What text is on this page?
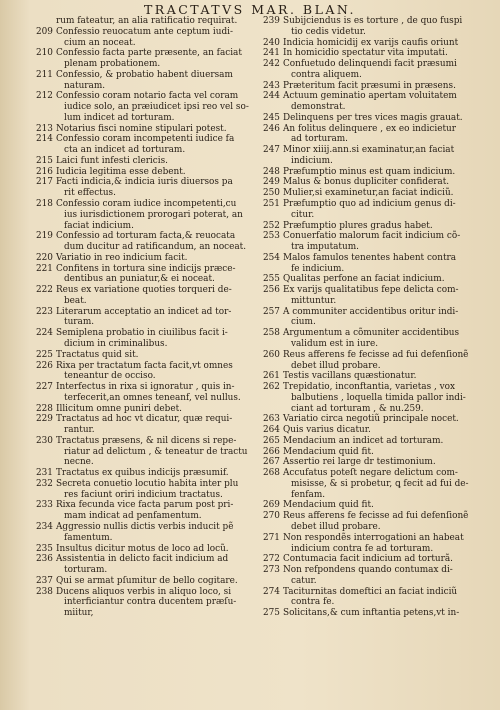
TRACTATVS MAR. BLAN.
rum fateatur, an alia ratificatio requirat.
209 Confessio reuocatum ante ceptum iudi-
cium an noceat.
210 Confessio facta parte præsente, an faciat
plenam probationem.
211 Confessio, & probatio habent diuersam
naturam.
212 Confessio coram notario facta vel coram
iudice solo, an præiudicet ipsi reo vel so-
lum indicet ad torturam.
213 Notarius fisci nomine stipulari potest.
214 Confessio coram incompetenti iudice fa
cta an indicet ad torturam.
215 Laici funt infesti clericis.
216 Iudicia legitima esse debent.
217 Facti indicia,& indicia iuris diuersos pa
rit effectus.
218 Confessio coram iudice incompetenti,cu
ius iurisdictionem prorogari poterat, an
faciat indicium.
219 Confessio ad torturam facta,& reuocata
dum ducitur ad ratificandum, an noceat.
220 Variatio in reo indicium facit.
221 Confitens in tortura sine indicijs præce-
dentibus an puniatur,& ei noceat.
222 Reus ex variatione quoties torqueri de-
beat.
223 Literarum acceptatio an indicet ad tor-
turam.
224 Semiplena probatio in ciuilibus facit i-
dicium in criminalibus.
225 Tractatus quid sit.
226 Rixa per tractatum facta facit,vt omnes
teneantur de occiso.
227 Interfectus in rixa si ignoratur , quis in-
terfecerit,an omnes teneanf, vel nullus.
228 Illicitum omne puniri debet.
229 Tractatus ad hoc vt dicatur, quæ requi-
rantur.
230 Tractatus præsens, & nil dicens si repe-
riatur ad delictum , & teneatur de tractu
necne.
231 Tractatus ex quibus indicijs præsumif.
232 Secreta conuetio locutio habita inter plu
res faciunt oriri indicium tractatus.
233 Rixa fecunda vice facta parum post pri-
mam indicat ad penfamentum.
234 Aggressio nullis dictis verbis inducit pẽ
famentum.
235 Insultus dicitur motus de loco ad locũ.
236 Assistentia in delicto facit indicium ad
torturam.
237 Qui se armat pſumitur de bello cogitare.
238 Ducens aliquos verbis in aliquo loco, si
interficiantur contra ducentem præſu-
miitur,
239 Subijciendus is es torture , de quo fuspi
tio cedis videtur.
240 Indicia homicidij ex varijs caufis oriunt
241 In homicidio spectatur vita imputati.
242 Confuetudo delinquendi facit præsumi
contra aliquem.
243 Præteritum facit præsumi in præsens.
244 Actuum geminatio apertam voluitatem
demonstrat.
245 Delinquens per tres vices magis grauat.
246 An folitus delinquere , ex eo indicietur
ad torturam.
247 Minor xiiij.ann.si examinatur,an faciat
indicium.
248 Præfumptio minus est quam indicium.
249 Malus & bonus dupliciter confiderat.
250 Mulier,si examinetur,an faciat indiciũ.
251 Præfumptio quo ad indicium genus di-
citur.
252 Præfumptio plures gradus habet.
253 Conuerfatio malorum facit indicium cõ-
tra imputatum.
254 Malos famulos tenentes habent contra
fe indicium.
255 Qualitas perfone an faciat indicium.
256 Ex varijs qualitatibus fepe delicta com-
mittuntur.
257 A communiter accidentibus oritur indi-
cium.
258 Argumentum a cõmuniter accidentibus
validum est in iure.
260 Reus afferens fe fecisse ad fui defenſionẽ
debet illud probare.
261 Testis vacillans quæstionatur.
262 Trepidatio, inconftantia, varietas , vox
balbutiens , loquella timida pallor indi-
ciant ad torturam , & nu.259.
263 Variatio circa negotiũ principale nocet.
264 Quis varius dicatur.
265 Mendacium an indicet ad torturam.
266 Mendacium quid fit.
267 Assertio rei large dr testimonium.
268 Accufatus poteſt negare delictum com-
misisse, & si probetur, ꝗ fecit ad fui de-
fenfam.
269 Mendacium quid fit.
270 Reus afferens fe fecisse ad fui defenſionẽ
debet illud probare.
271 Non respondẽs interrogationi an habeat
indicium contra fe ad torturam.
272 Contumacia facit indicium ad torturã.
273 Non refpondens quando contumax di-
catur.
274 Taciturnitas domeftici an faciat indiciũ
contra fe.
275 Solicitans,& cum inftantia petens,vt in-
